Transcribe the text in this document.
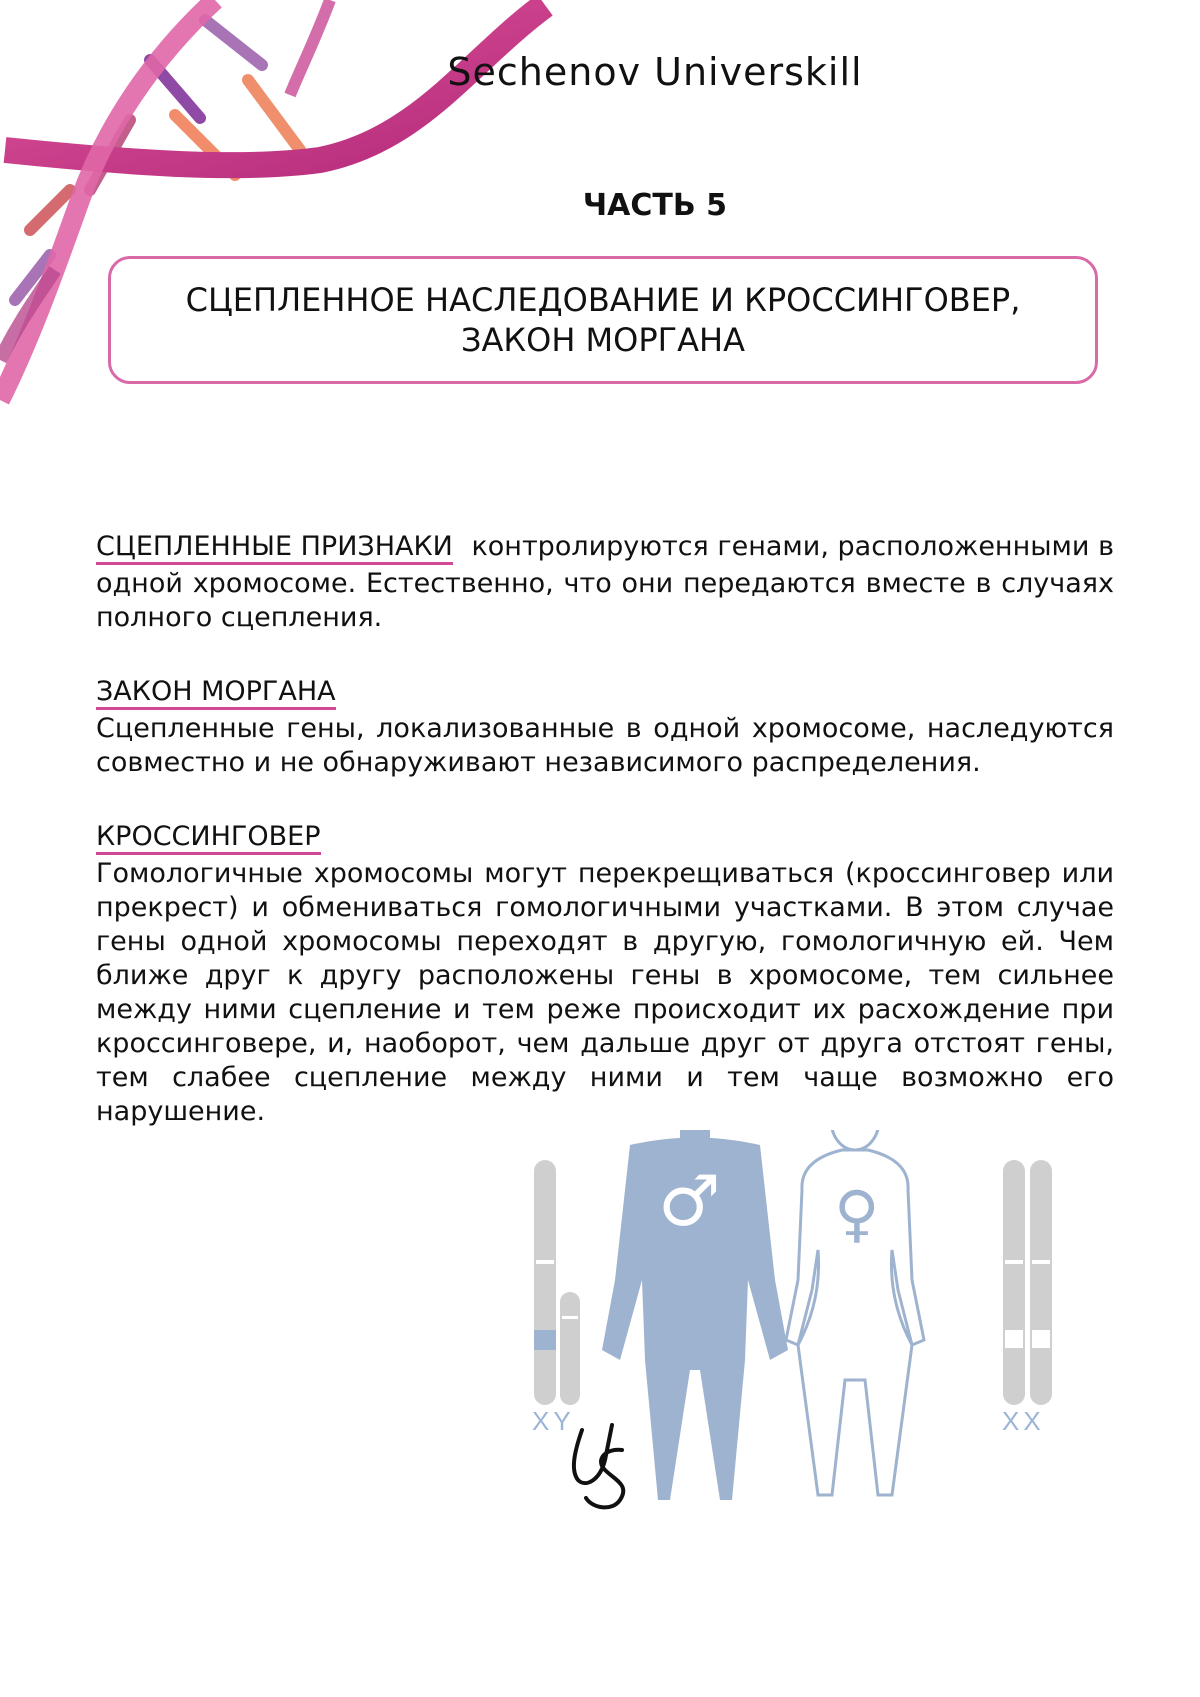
Sechenov Universkill
ЧАСТЬ 5
СЦЕПЛЕННОЕ НАСЛЕДОВАНИЕ И КРОССИНГОВЕР,
ЗАКОН МОРГАНА

СЦЕПЛЕННЫЕ ПРИЗНАКИ контролируются генами, расположенными в одной хромосоме. Естественно, что они передаются вместе в случаях полного сцепления.

ЗАКОН МОРГАНА

Сцепленные гены, локализованные в одной хромосоме, наследуются совместно и не обнаруживают независимого распределения.

КРОССИНГОВЕР

Гомологичные хромосомы могут перекрещиваться (кроссинговер или прекрест) и обмениваться гомологичными участками. В этом случае гены одной хромосомы переходят в другую, гомологичную ей. Чем ближе друг к другу расположены гены в хромосоме, тем сильнее между ними сцепление и тем реже происходит их расхождение при кроссинговере, и, наоборот, чем дальше друг от друга отстоят гены, тем слабее сцепление между ними и тем чаще возможно его нарушение.

XY
♂ ♀
XX
